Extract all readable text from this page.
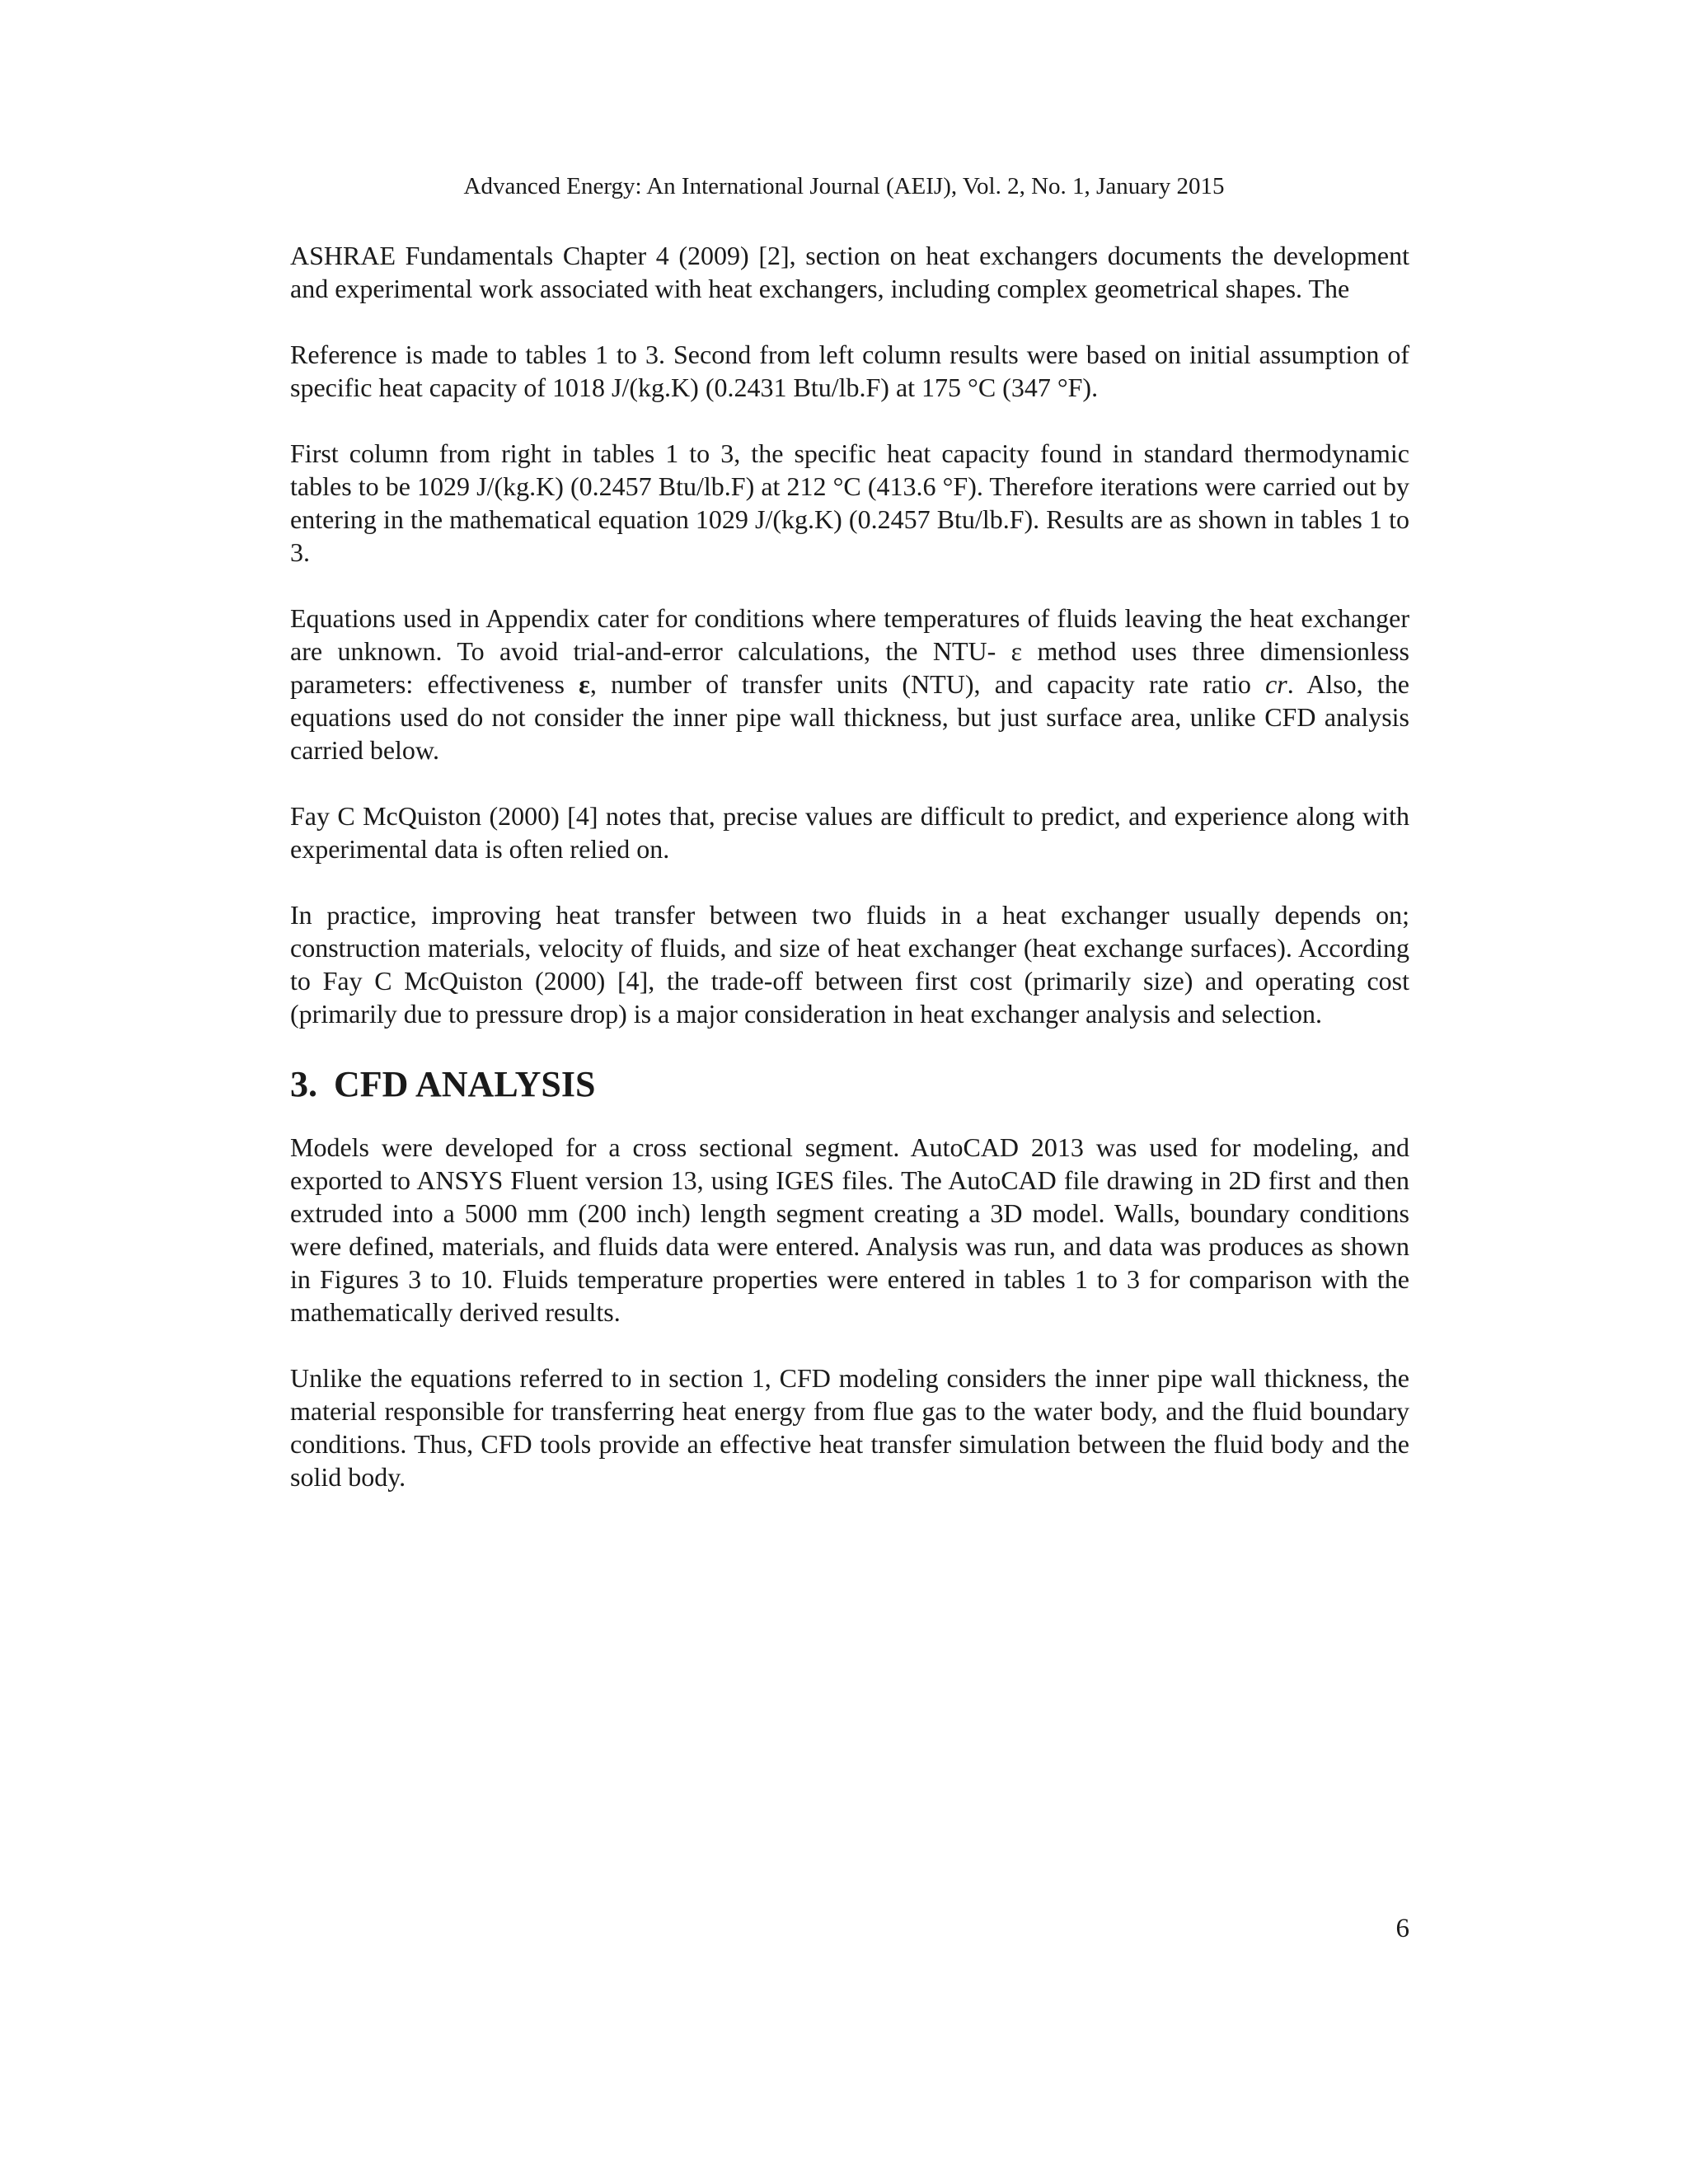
Advanced Energy: An International Journal (AEIJ), Vol. 2, No. 1, January 2015

ASHRAE Fundamentals Chapter 4 (2009) [2], section on heat exchangers documents the development and experimental work associated with heat exchangers, including complex geometrical shapes. The

Reference is made to tables 1 to 3. Second from left column results were based on initial assumption of specific heat capacity of 1018 J/(kg.K) (0.2431 Btu/lb.F) at 175 °C (347 °F).

First column from right in tables 1 to 3, the specific heat capacity found in standard thermodynamic tables to be 1029 J/(kg.K) (0.2457 Btu/lb.F) at 212 °C (413.6 °F). Therefore iterations were carried out by entering in the mathematical equation 1029 J/(kg.K) (0.2457 Btu/lb.F). Results are as shown in tables 1 to 3.

Equations used in Appendix cater for conditions where temperatures of fluids leaving the heat exchanger are unknown. To avoid trial-and-error calculations, the NTU- ε method uses three dimensionless parameters: effectiveness ε, number of transfer units (NTU), and capacity rate ratio cr. Also, the equations used do not consider the inner pipe wall thickness, but just surface area, unlike CFD analysis carried below.

Fay C McQuiston (2000) [4] notes that, precise values are difficult to predict, and experience along with experimental data is often relied on.

In practice, improving heat transfer between two fluids in a heat exchanger usually depends on; construction materials, velocity of fluids, and size of heat exchanger (heat exchange surfaces). According to Fay C McQuiston (2000) [4], the trade-off between first cost (primarily size) and operating cost (primarily due to pressure drop) is a major consideration in heat exchanger analysis and selection.

3. CFD ANALYSIS

Models were developed for a cross sectional segment. AutoCAD 2013 was used for modeling, and exported to ANSYS Fluent version 13, using IGES files. The AutoCAD file drawing in 2D first and then extruded into a 5000 mm (200 inch) length segment creating a 3D model. Walls, boundary conditions were defined, materials, and fluids data were entered. Analysis was run, and data was produces as shown in Figures 3 to 10. Fluids temperature properties were entered in tables 1 to 3 for comparison with the mathematically derived results.

Unlike the equations referred to in section 1, CFD modeling considers the inner pipe wall thickness, the material responsible for transferring heat energy from flue gas to the water body, and the fluid boundary conditions. Thus, CFD tools provide an effective heat transfer simulation between the fluid body and the solid body.

6
